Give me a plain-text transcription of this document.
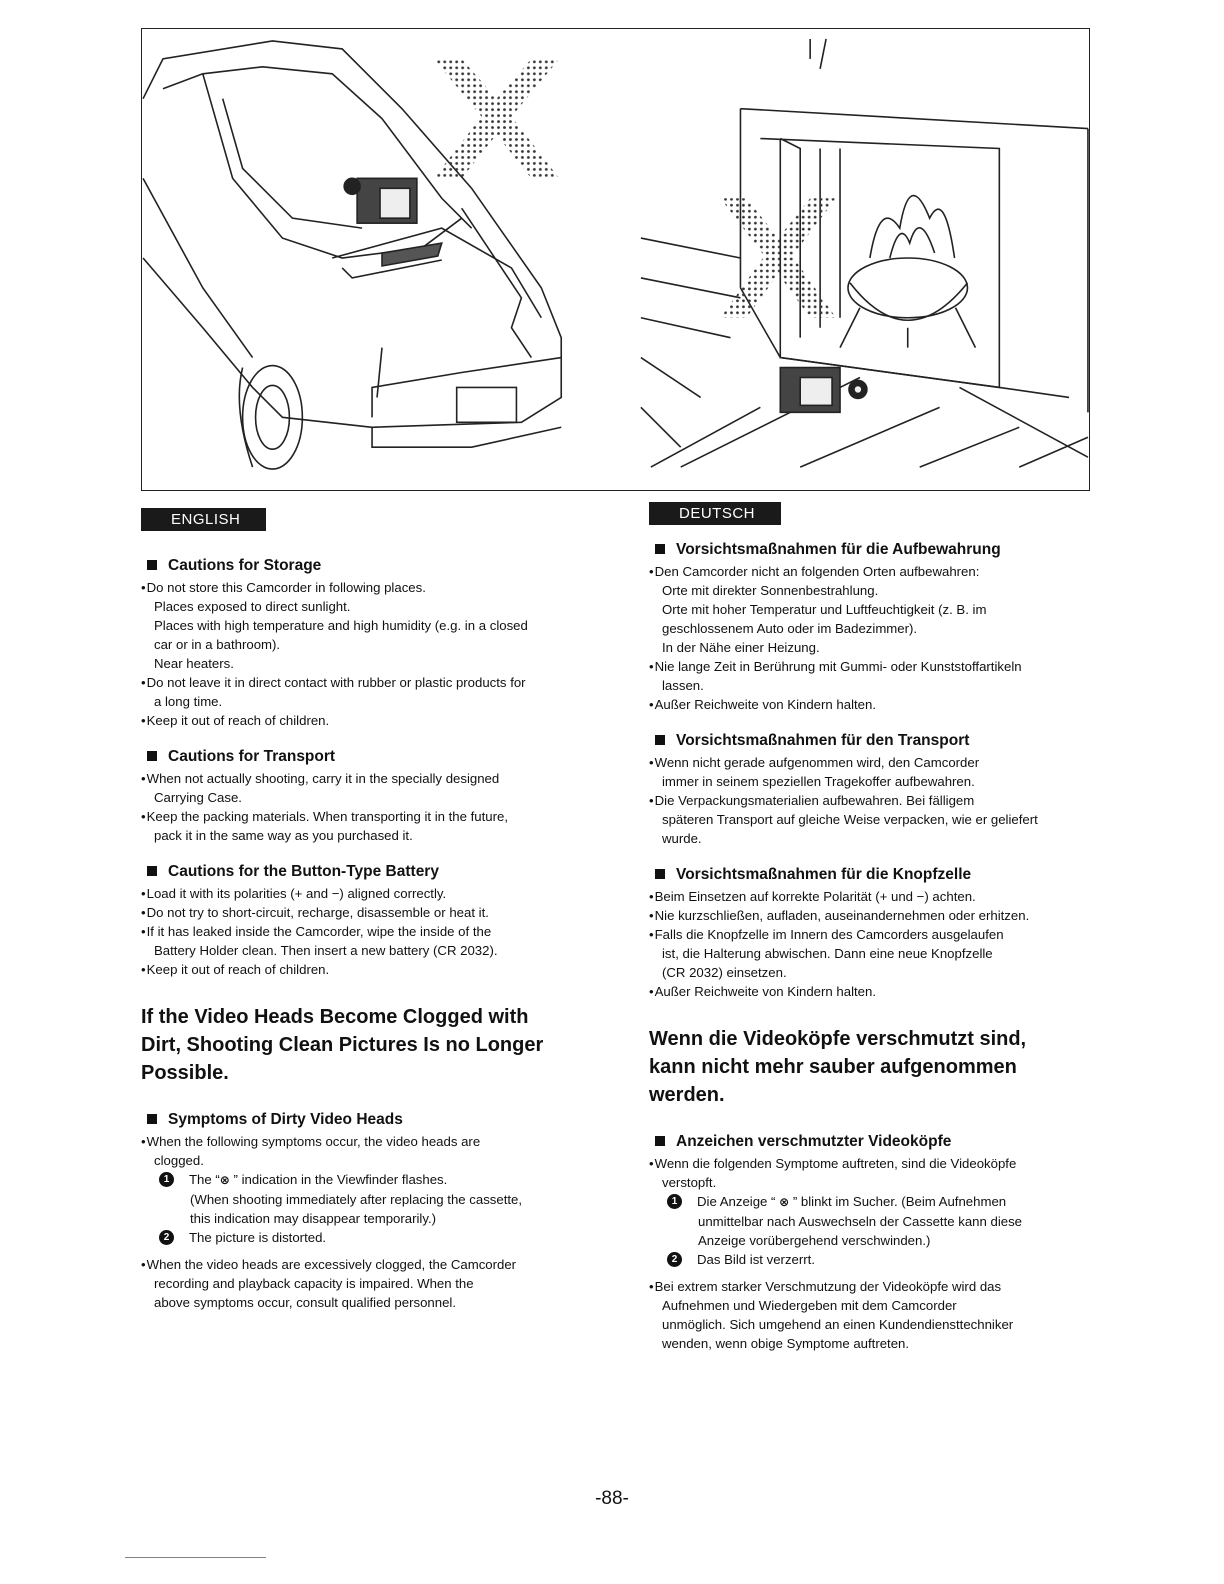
ENGLISH

Cautions for Storage

• Do not store this Camcorder in following places.

Places exposed to direct sunlight.

Places with high temperature and high humidity (e.g. in a closed

car or in a bathroom).

Near heaters.

• Do not leave it in direct contact with rubber or plastic products for

a long time.

• Keep it out of reach of children.

Cautions for Transport

• When not actually shooting, carry it in the specially designed

Carrying Case.

• Keep the packing materials. When transporting it in the future,

pack it in the same way as you purchased it.

Cautions for the Button-Type Battery

• Load it with its polarities (+ and −) aligned correctly.

• Do not try to short-circuit, recharge, disassemble or heat it.

• If it has leaked inside the Camcorder, wipe the inside of the

Battery Holder clean. Then insert a new battery (CR 2032).

• Keep it out of reach of children.

If the Video Heads Become Clogged with

Dirt, Shooting Clean Pictures Is no Longer

Possible.

Symptoms of Dirty Video Heads

• When the following symptoms occur, the video heads are

clogged.

1	The “⊗ ” indication in the Viewfinder flashes.

(When shooting immediately after replacing the cassette,

this indication may disappear temporarily.)

2	The picture is distorted.

• When the video heads are excessively clogged, the Camcorder

recording and playback capacity is impaired. When the

above symptoms occur, consult qualified personnel.

DEUTSCH

Vorsichtsmaßnahmen für die Aufbewahrung

• Den Camcorder nicht an folgenden Orten aufbewahren:

Orte mit direkter Sonnenbestrahlung.

Orte mit hoher Temperatur und Luftfeuchtigkeit (z. B. im

geschlossenem Auto oder im Badezimmer).

In der Nähe einer Heizung.

• Nie lange Zeit in Berührung mit Gummi- oder Kunststoffartikeln

lassen.

• Außer Reichweite von Kindern halten.

Vorsichtsmaßnahmen für den Transport

• Wenn nicht gerade aufgenommen wird, den Camcorder

immer in seinem speziellen Tragekoffer aufbewahren.

• Die Verpackungsmaterialien aufbewahren. Bei fälligem

späteren Transport auf gleiche Weise verpacken, wie er geliefert

wurde.

Vorsichtsmaßnahmen für die Knopfzelle

• Beim Einsetzen auf korrekte Polarität (+ und −) achten.

• Nie kurzschließen, aufladen, auseinandernehmen oder erhitzen.

• Falls die Knopfzelle im Innern des Camcorders ausgelaufen

ist, die Halterung abwischen. Dann eine neue Knopfzelle

(CR 2032) einsetzen.

• Außer Reichweite von Kindern halten.

Wenn die Videoköpfe verschmutzt sind,

kann nicht mehr sauber aufgenommen

werden.

Anzeichen verschmutzter Videoköpfe

• Wenn die folgenden Symptome auftreten, sind die Videoköpfe

verstopft.

1	Die Anzeige “ ⊗ ” blinkt im Sucher. (Beim Aufnehmen

unmittelbar nach Auswechseln der Cassette kann diese

Anzeige vorübergehend verschwinden.)

2	Das Bild ist verzerrt.

• Bei extrem starker Verschmutzung der Videoköpfe wird das

Aufnehmen und Wiedergeben mit dem Camcorder

unmöglich. Sich umgehend an einen Kundendiensttechniker

wenden, wenn obige Symptome auftreten.

-88-
